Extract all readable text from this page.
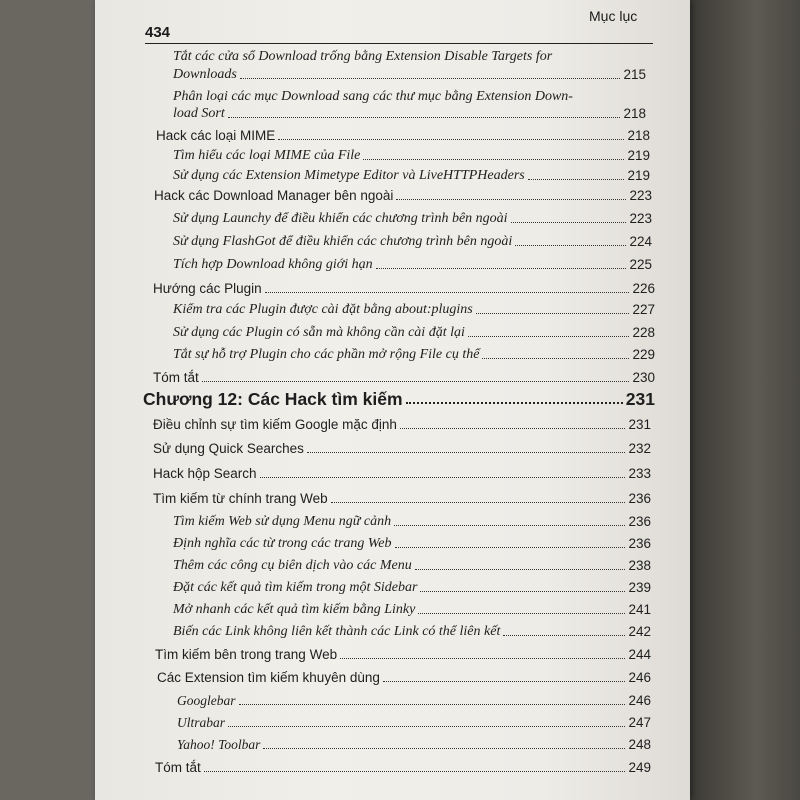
Mục lục
434
Tắt các cửa sổ Download trống bằng Extension Disable Targets for
Downloads	215
Phân loại các mục Download sang các thư mục bằng Extension Down-
load Sort	218
Hack các loại MIME	218
Tìm hiểu các loại MIME của File	219
Sử dụng các Extension Mimetype Editor và LiveHTTPHeaders	219
Hack các Download Manager bên ngoài	223
Sử dụng Launchy để điều khiển các chương trình bên ngoài	223
Sử dụng FlashGot để điều khiển các chương trình bên ngoài	224
Tích hợp Download không giới hạn	225
Hướng các Plugin	226
Kiểm tra các Plugin được cài đặt bằng about:plugins	227
Sử dụng các Plugin có sẵn mà không cần cài đặt lại	228
Tắt sự hỗ trợ Plugin cho các phần mở rộng File cụ thể	229
Tóm tắt	230
Chương 12: Các Hack tìm kiếm	231
Điều chỉnh sự tìm kiếm Google mặc định	231
Sử dụng Quick Searches	232
Hack hộp Search	233
Tìm kiếm từ chính trang Web	236
Tìm kiếm Web sử dụng Menu ngữ cảnh	236
Định nghĩa các từ trong các trang Web	236
Thêm các công cụ biên dịch vào các Menu	238
Đặt các kết quả tìm kiếm trong một Sidebar	239
Mở nhanh các kết quả tìm kiếm bằng Linky	241
Biến các Link không liên kết thành các Link có thể liên kết	242
Tìm kiếm bên trong trang Web	244
Các Extension tìm kiếm khuyên dùng	246
Googlebar	246
Ultrabar	247
Yahoo! Toolbar	248
Tóm tắt	249
